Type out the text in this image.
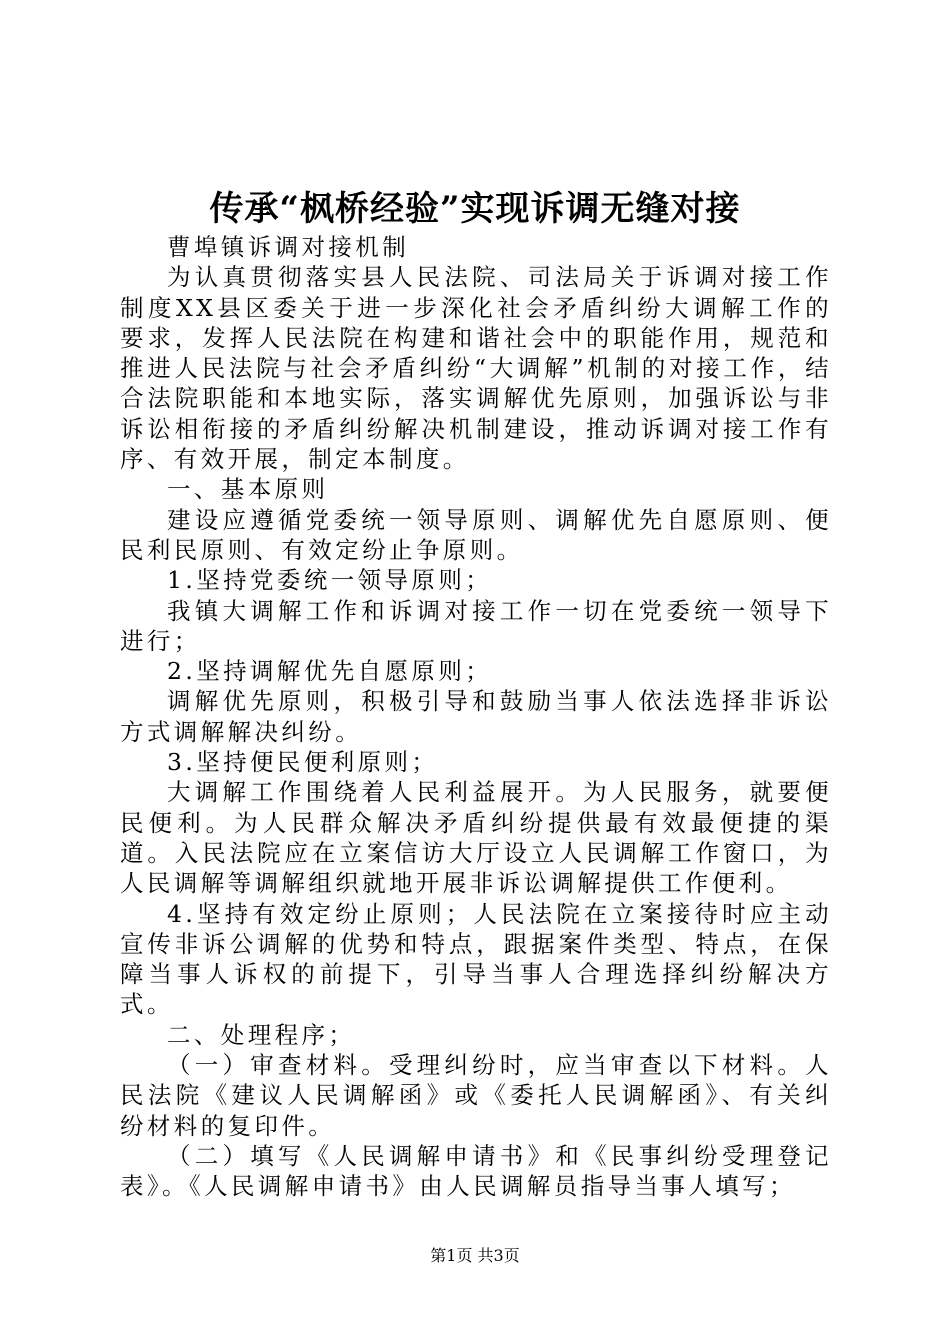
传承“枫桥经验”实现诉调无缝对接

曹埠镇诉调对接机制

为认真贯彻落实县人民法院、司法局关于诉调对接工作制度XX县区委关于进一步深化社会矛盾纠纷大调解工作的要求，发挥人民法院在构建和谐社会中的职能作用，规范和推进人民法院与社会矛盾纠纷“大调解”机制的对接工作，结合法院职能和本地实际，落实调解优先原则，加强诉讼与非诉讼相衔接的矛盾纠纷解决机制建设，推动诉调对接工作有序、有效开展，制定本制度。

一、基本原则

建设应遵循党委统一领导原则、调解优先自愿原则、便民利民原则、有效定纷止争原则。

1.坚持党委统一领导原则；

我镇大调解工作和诉调对接工作一切在党委统一领导下进行；

2.坚持调解优先自愿原则；

调解优先原则，积极引导和鼓励当事人依法选择非诉讼方式调解解决纠纷。

3.坚持便民便利原则；

大调解工作围绕着人民利益展开。为人民服务，就要便民便利。为人民群众解决矛盾纠纷提供最有效最便捷的渠道。入民法院应在立案信访大厅设立人民调解工作窗口，为人民调解等调解组织就地开展非诉讼调解提供工作便利。

4.坚持有效定纷止原则；人民法院在立案接待时应主动宣传非诉公调解的优势和特点，跟据案件类型、特点，在保障当事人诉权的前提下，引导当事人合理选择纠纷解决方式。

二、处理程序；

（一）审查材料。受理纠纷时，应当审查以下材料。人民法院《建议人民调解函》或《委托人民调解函》、有关纠纷材料的复印件。

（二）填写《人民调解申请书》和《民事纠纷受理登记表》。《人民调解申请书》由人民调解员指导当事人填写；

第1页 共3页
